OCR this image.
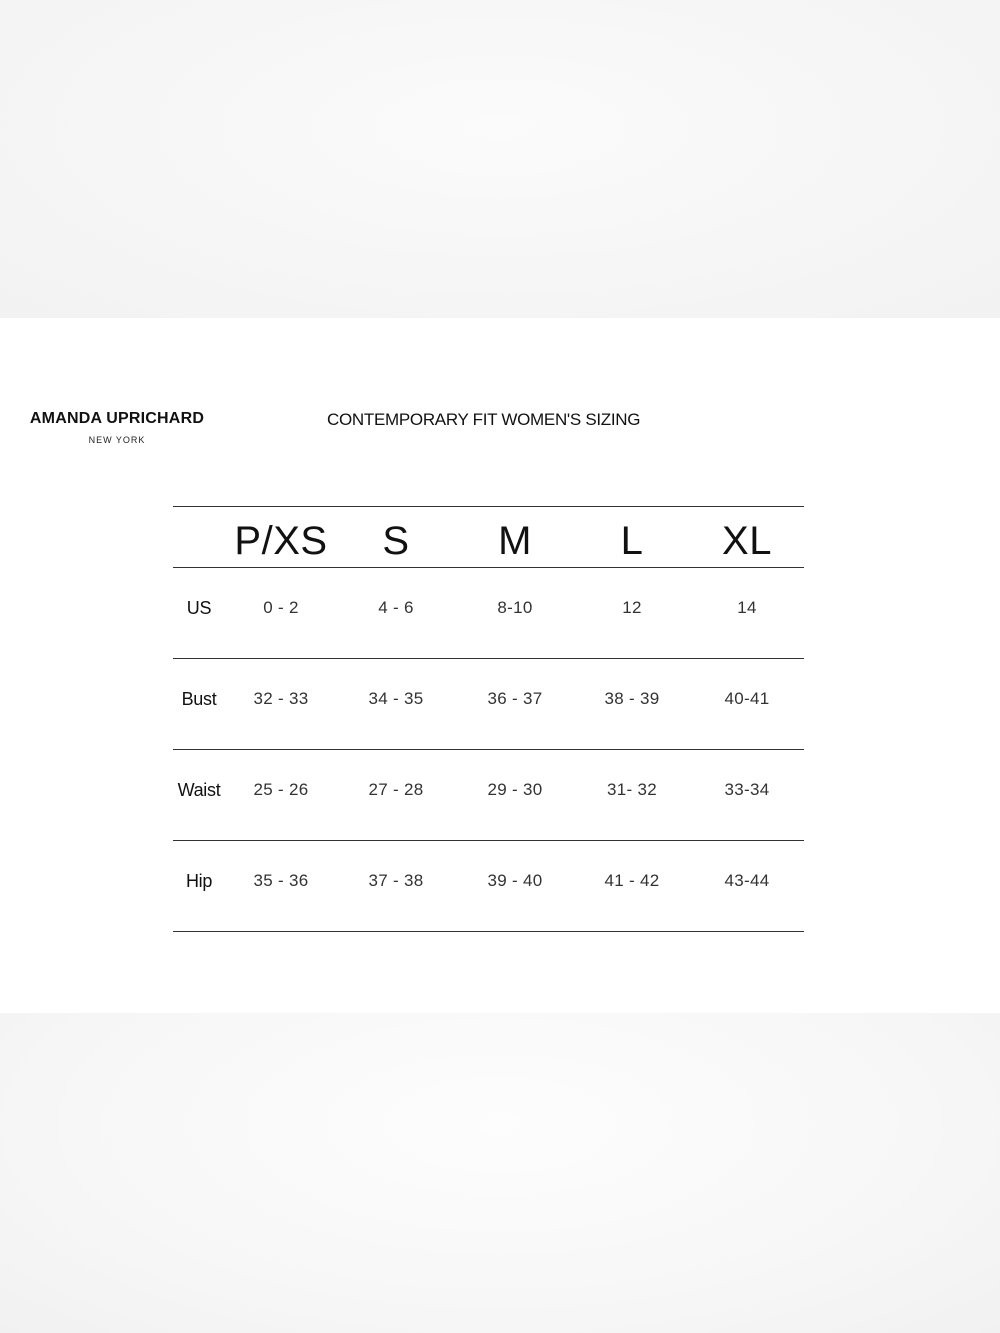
AMANDA UPRICHARD
NEW YORK
CONTEMPORARY FIT WOMEN'S SIZING
P/XS S M L XL
US	0 - 2	4 - 6	8-10	12	14
Bust 32 - 33	34 - 35	36 - 37	38 - 39	40-41
Waist 25 - 26	27 - 28	29 - 30	31- 32	33-34
Hip 35 - 36	37 - 38	39 - 40	41 - 42	43-44
